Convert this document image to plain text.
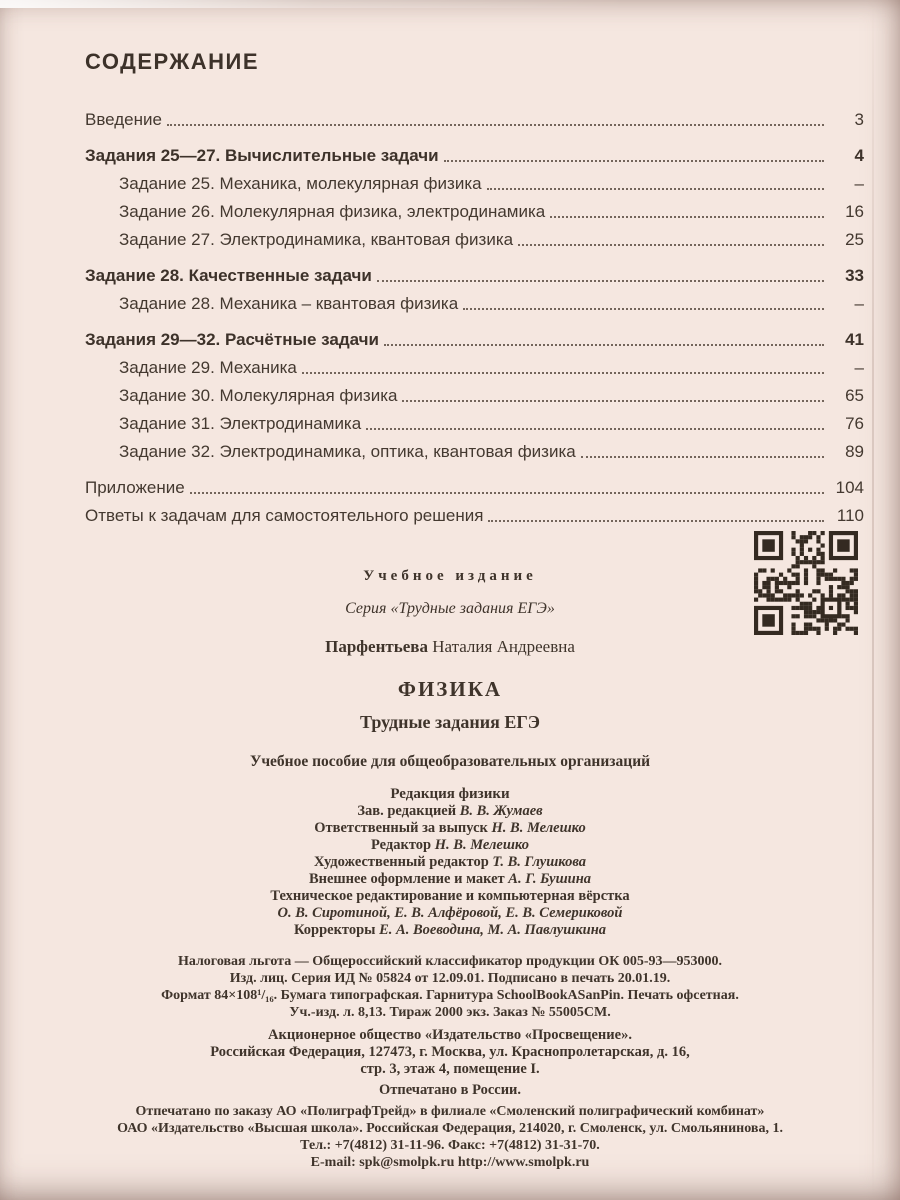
СОДЕРЖАНИЕ
Введение	3
Задания 25—27. Вычислительные задачи	4
Задание 25. Механика, молекулярная физика	–
Задание 26. Молекулярная физика, электродинамика	16
Задание 27. Электродинамика, квантовая физика	25
Задание 28. Качественные задачи	33
Задание 28. Механика – квантовая физика	–
Задания 29—32. Расчётные задачи	41
Задание 29. Механика	–
Задание 30. Молекулярная физика	65
Задание 31. Электродинамика	76
Задание 32. Электродинамика, оптика, квантовая физика	89
Приложение	104
Ответы к задачам для самостоятельного решения	110
Учебное издание
Серия «Трудные задания ЕГЭ»
Парфентьева Наталия Андреевна
ФИЗИКА
Трудные задания ЕГЭ
Учебное пособие для общеобразовательных организаций
Редакция физики
Зав. редакцией В. В. Жумаев
Ответственный за выпуск Н. В. Мелешко
Редактор Н. В. Мелешко
Художественный редактор Т. В. Глушкова
Внешнее оформление и макет А. Г. Бушина
Техническое редактирование и компьютерная вёрстка
О. В. Сиротиной, Е. В. Алфёровой, Е. В. Семериковой
Корректоры Е. А. Воеводина, М. А. Павлушкина
Налоговая льгота — Общероссийский классификатор продукции ОК 005-93—953000.
Изд. лиц. Серия ИД № 05824 от 12.09.01. Подписано в печать 20.01.19.
Формат 84×108¹/₁₆. Бумага типографская. Гарнитура SchoolBookASanPin. Печать офсетная.
Уч.-изд. л. 8,13. Тираж 2000 экз. Заказ № 55005СМ.
Акционерное общество «Издательство «Просвещение».
Российская Федерация, 127473, г. Москва, ул. Краснопролетарская, д. 16,
стр. 3, этаж 4, помещение I.
Отпечатано в России.
Отпечатано по заказу АО «ПолиграфТрейд» в филиале «Смоленский полиграфический комбинат»
ОАО «Издательство «Высшая школа». Российская Федерация, 214020, г. Смоленск, ул. Смольянинова, 1.
Тел.: +7(4812) 31-11-96. Факс: +7(4812) 31-31-70.
E-mail: spk@smolpk.ru http://www.smolpk.ru
